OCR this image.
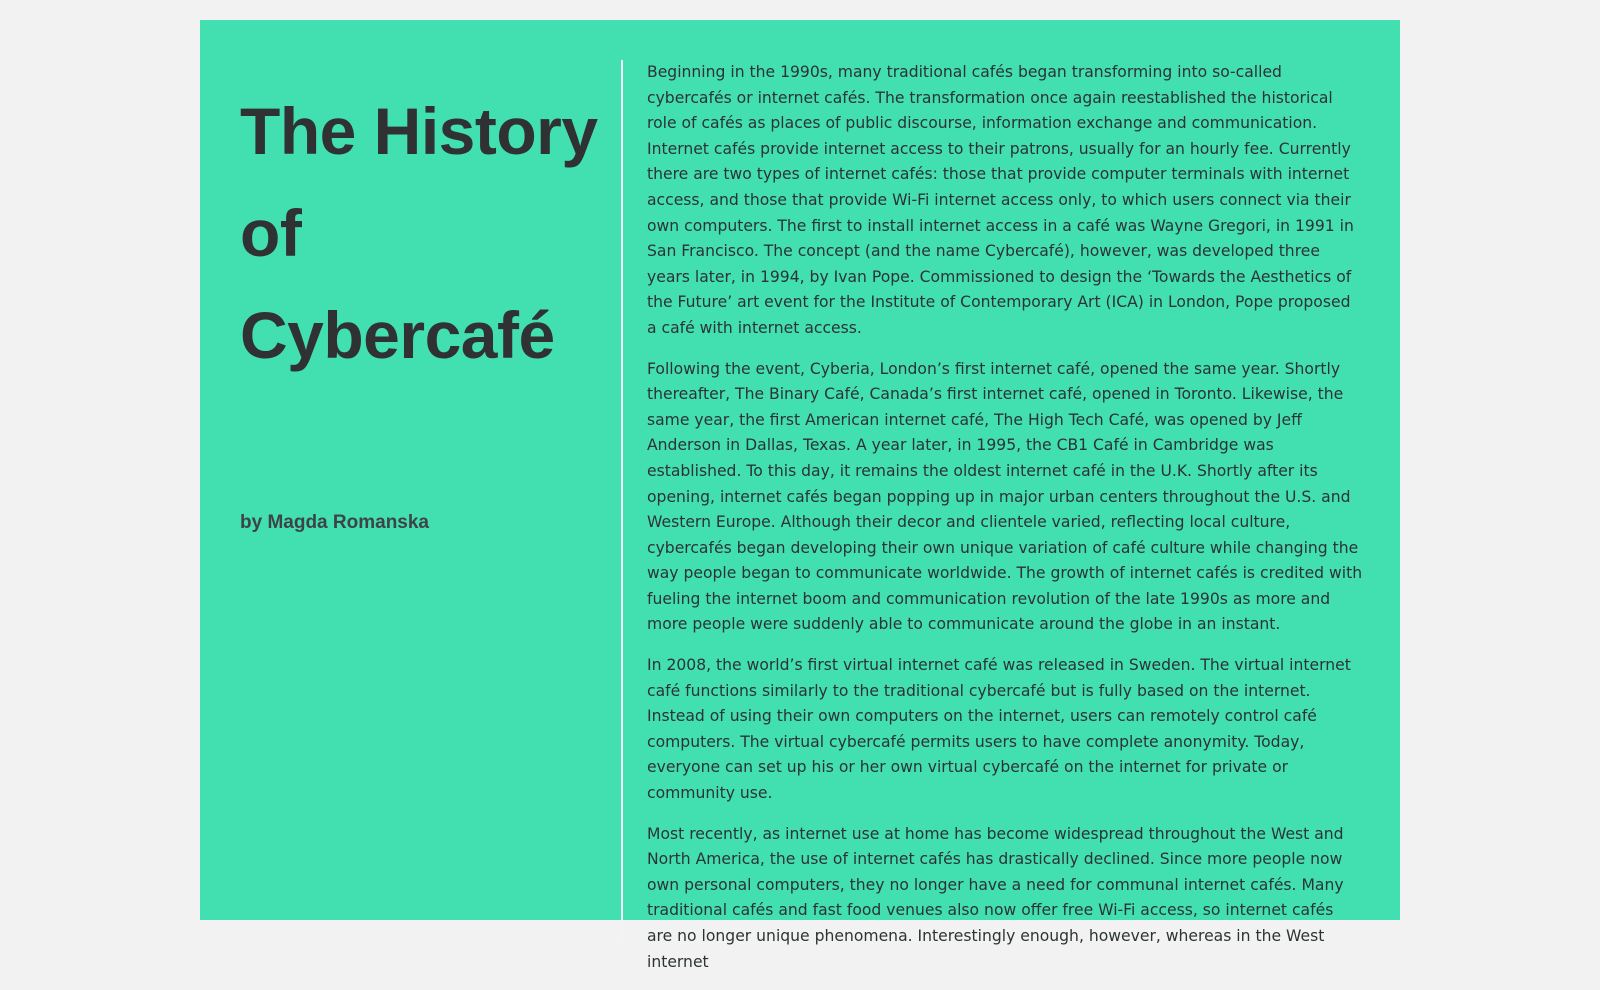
The History
of
Cybercafé

by Magda Romanska

Beginning in the 1990s, many traditional cafés began transforming into so-called cybercafés or internet cafés. The transformation once again reestablished the historical role of cafés as places of public discourse, information exchange and communication. Internet cafés provide internet access to their patrons, usually for an hourly fee. Currently there are two types of internet cafés: those that provide computer terminals with internet access, and those that provide Wi-Fi internet access only, to which users connect via their own computers. The first to install internet access in a café was Wayne Gregori, in 1991 in San Francisco. The concept (and the name Cybercafé), however, was developed three years later, in 1994, by Ivan Pope. Commissioned to design the ‘Towards the Aesthetics of the Future’ art event for the Institute of Contemporary Art (ICA) in London, Pope proposed a café with internet access.

Following the event, Cyberia, London’s first internet café, opened the same year. Shortly thereafter, The Binary Café, Canada’s first internet café, opened in Toronto. Likewise, the same year, the first American internet café, The High Tech Café, was opened by Jeff Anderson in Dallas, Texas. A year later, in 1995, the CB1 Café in Cambridge was established. To this day, it remains the oldest internet café in the U.K. Shortly after its opening, internet cafés began popping up in major urban centers throughout the U.S. and Western Europe. Although their decor and clientele varied, reflecting local culture, cybercafés began developing their own unique variation of café culture while changing the way people began to communicate worldwide. The growth of internet cafés is credited with fueling the internet boom and communication revolution of the late 1990s as more and more people were suddenly able to communicate around the globe in an instant.

In 2008, the world’s first virtual internet café was released in Sweden. The virtual internet café functions similarly to the traditional cybercafé but is fully based on the internet. Instead of using their own computers on the internet, users can remotely control café computers. The virtual cybercafé permits users to have complete anonymity. Today, everyone can set up his or her own virtual cybercafé on the internet for private or community use.

Most recently, as internet use at home has become widespread throughout the West and North America, the use of internet cafés has drastically declined. Since more people now own personal computers, they no longer have a need for communal internet cafés. Many traditional cafés and fast food venues also now offer free Wi-Fi access, so internet cafés are no longer unique phenomena. Interestingly enough, however, whereas in the West internet
